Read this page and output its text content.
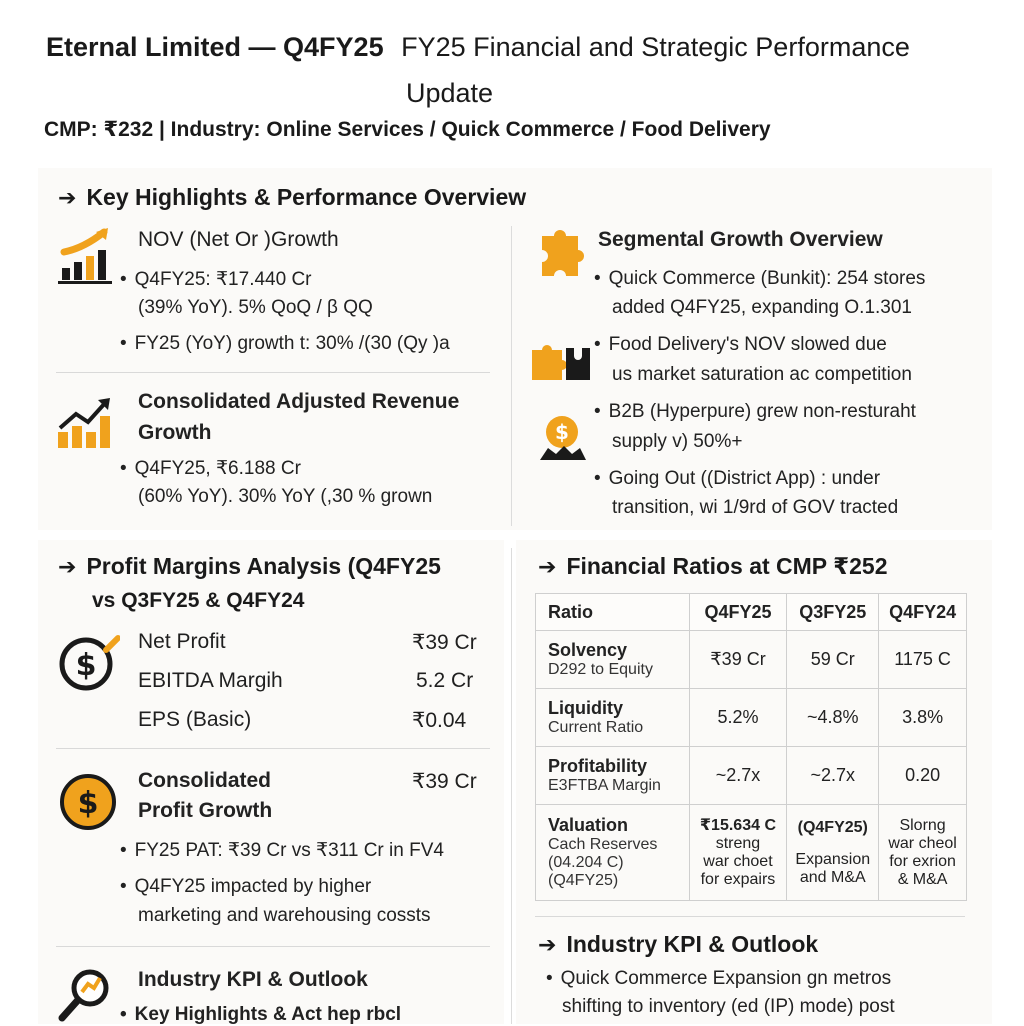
Eternal Limited — Q4FY25 FY25 Financial and Strategic Performance
Update
CMP: ₹232 | Industry: Online Services / Quick Commerce / Food Delivery
➔ Key Highlights & Performance Overview
NOV (Net Or )Growth
• Q4FY25: ₹17.440 Cr
(39% YoY). 5% QoQ / β QQ
• FY25 (YoY) growth t: 30% /(30 (Qy )a
Consolidated Adjusted Revenue
Growth
• Q4FY25, ₹6.188 Cr
(60% YoY). 30% YoY (,30 % grown
Segmental Growth Overview
• Quick Commerce (Bunkit): 254 stores
added Q4FY25, expanding O.1.301
• Food Delivery's NOV slowed due
us market saturation ac competition
$
• B2B (Hyperpure) grew non-resturaht
supply v) 50%+
• Going Out ((District App) : under
transition, wi 1/9rd of GOV tracted
➔ Profit Margins Analysis (Q4FY25
vs Q3FY25 & Q4FY24
$
Net Profit	₹39 Cr
EBITDA Margih	5.2 Cr
EPS (Basic)	₹0.04
$
Consolidated
Profit Growth
₹39 Cr
• FY25 PAT: ₹39 Cr vs ₹311 Cr in FV4
• Q4FY25 impacted by higher
marketing and warehousing cossts
Industry KPI & Outlook
• Key Highlights & Act hep rbcl
➔ Financial Ratios at CMP ₹252
Ratio	Q4FY25	Q3FY25	Q4FY24

Solvency
D292 to Equity	₹39 Cr	59 Cr	1175 C

Liquidity
Current Ratio	5.2%	~4.8%	3.8%

Profitability
E3FTBA Margin	~2.7x	~2.7x	0.20

Valuation
Cach Reserves
(04.204 C)
(Q4FY25)	₹15.634 C
streng
war choet
for expairs	(Q4FY25)
Expansion
and M&A	Slorng
war cheol
for exrion
& M&A
➔ Industry KPI & Outlook
• Quick Commerce Expansion gn metros
shifting to inventory (ed (IP) mode) post
